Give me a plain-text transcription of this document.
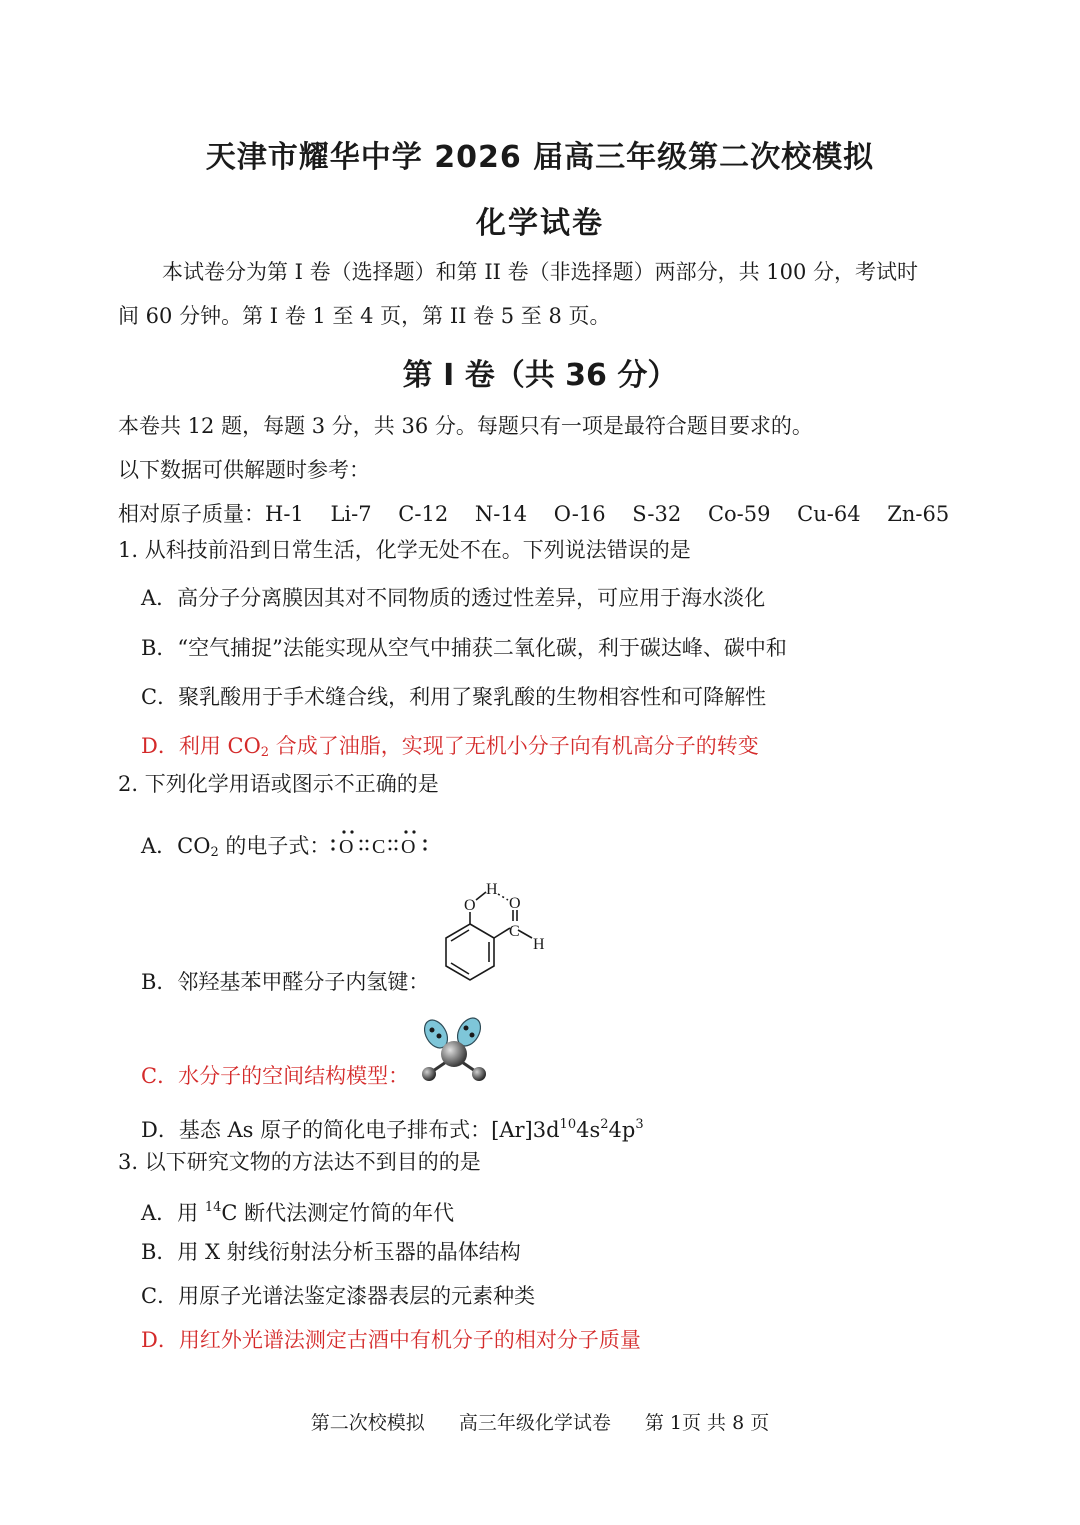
天津市耀华中学 2026 届高三年级第二次校模拟
化学试卷
本试卷分为第 I 卷（选择题）和第 II 卷（非选择题）两部分，共 100 分，考试时
间 60 分钟。第 I 卷 1 至 4 页，第 II 卷 5 至 8 页。
第 I 卷（共 36 分）
本卷共 12 题，每题 3 分，共 36 分。每题只有一项是最符合题目要求的。
以下数据可供解题时参考：
相对原子质量：H-1    Li-7    C-12    N-14    O-16    S-32    Co-59    Cu-64    Zn-65
1. 从科技前沿到日常生活，化学无处不在。下列说法错误的是
A．高分子分离膜因其对不同物质的透过性差异，可应用于海水淡化
B．“空气捕捉”法能实现从空气中捕获二氧化碳，利于碳达峰、碳中和
C．聚乳酸用于手术缝合线，利用了聚乳酸的生物相容性和可降解性
D．利用 $CO_2$ 合成了油脂，实现了无机小分子向有机高分子的转变
2. 下列化学用语或图示不正确的是
A．$CO_2$ 的电子式： O C O
B．邻羟基苯甲醛分子内氢键：
O
H
O
C
H
C．水分子的空间结构模型：
D．基态 As 原子的简化电子排布式：$[Ar]3d^{10}4s^24p^3$
3. 以下研究文物的方法达不到目的的是
A．用 $^{14}$C 断代法测定竹简的年代
B．用 X 射线衍射法分析玉器的晶体结构
C．用原子光谱法鉴定漆器表层的元素种类
D．用红外光谱法测定古酒中有机分子的相对分子质量
第二次校模拟 高三年级化学试卷 第 1页 共 8 页
